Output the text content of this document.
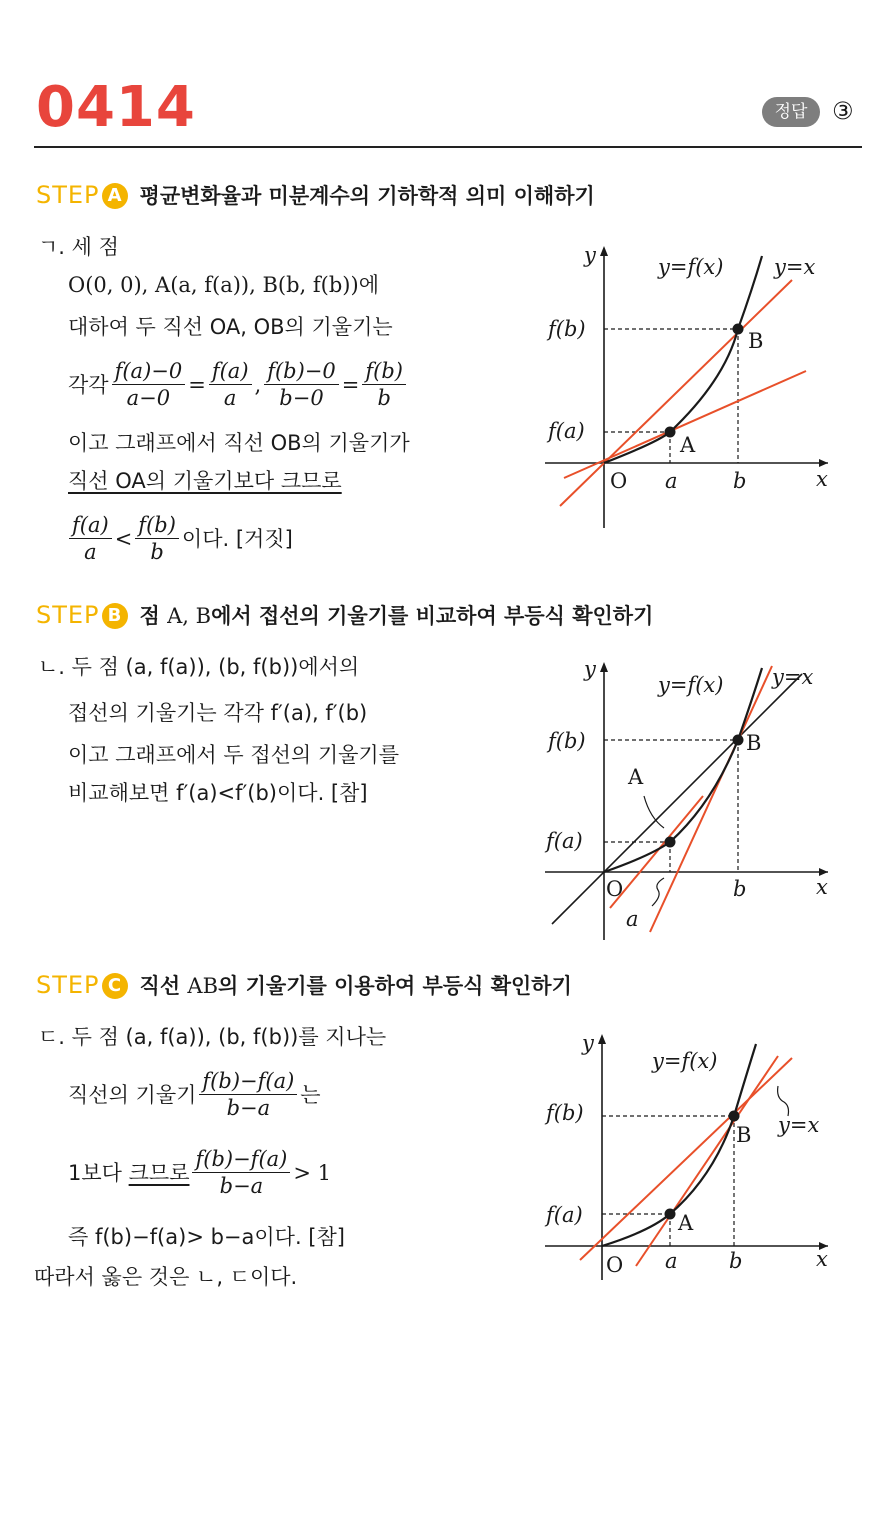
0414	정답	③
STEP A 평균변화율과 미분계수의 기하학적 의미 이해하기
ㄱ. 세 점
O(0, 0), A(a, f(a)), B(b, f(b))에
대하여 두 직선 OA, OB의 기울기는
각각 $\frac{f(a)-0}{a-0} = \frac{f(a)}{a}$ , $\frac{f(b)-0}{b-0} = \frac{f(b)}{b}$
이고 그래프에서 직선 OB의 기울기가
직선 OA의 기울기보다 크므로
$\frac{f(a)}{a} < \frac{f(b)}{b}$ 이다. [거짓]
y
x
O a	b
f(a)
f(b)
A
B
y=f(x) y=x
STEP B 점 A, B에서 접선의 기울기를 비교하여 부등식 확인하기
ㄴ. 두 점 (a, f(a)), (b, f(b))에서의
접선의 기울기는 각각 f′(a), f′(b)
이고 그래프에서 두 접선의 기울기를
비교해보면 f′(a)<f′(b)이다. [참]
y
x
O
a
b
f(a)
f(b)
A
B
y=f(x) y=x
STEP C 직선 AB의 기울기를 이용하여 부등식 확인하기
ㄷ. 두 점 (a, f(a)), (b, f(b))를 지나는
직선의 기울기 $\frac{f(b)-f(a)}{b-a}$ 는
1보다
크므로 $\frac{f(b)-f(a)}{b-a} > 1$
즉 f(b)−f(a)> b−a이다. [참]
따라서 옳은 것은 ㄴ, ㄷ이다.
y
x
O a b
f(a)
f(b)
A
B
y=f(x)
y=x
